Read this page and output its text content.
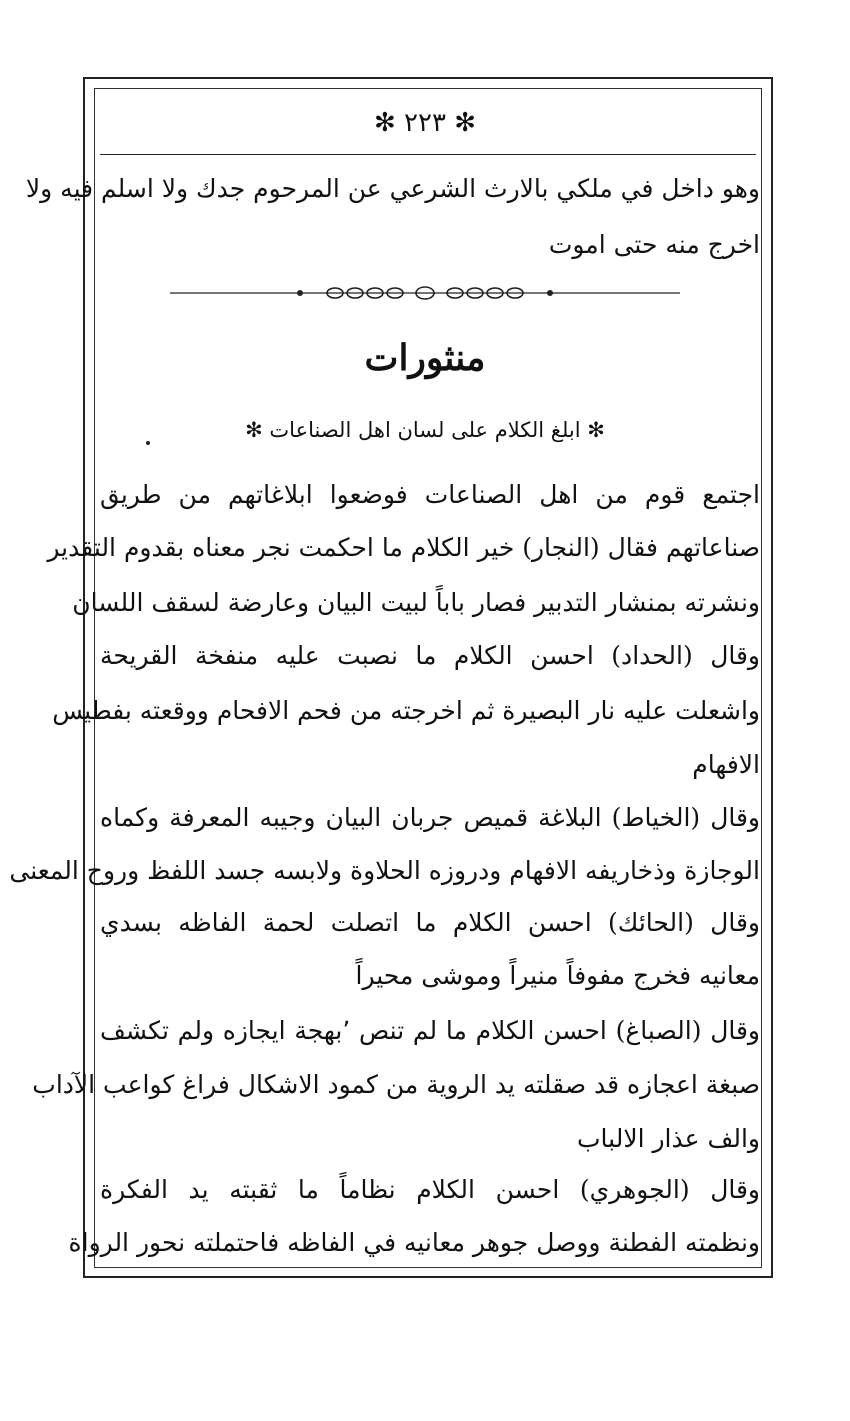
✻ ٢٢٣ ✻
وهو داخل في ملكي بالارث الشرعي عن المرحوم جدك ولا اسلم فيه ولا
اخرج منه حتى اموت
منثورات
✻ ابلغ الكلام على لسان اهل الصناعات ✻
اجتمع قوم من اهل الصناعات فوضعوا ابلاغاتهم من طريق
صناعاتهم فقال (النجار) خير الكلام ما احكمت نجر معناه بقدوم التقدير
ونشرته بمنشار التدبير فصار باباً لبيت البيان وعارضة لسقف اللسان
وقال (الحداد) احسن الكلام ما نصبت عليه منفخة القريحة
واشعلت عليه نار البصيرة ثم اخرجته من فحم الافحام ووقعته بفطيس
الافهام
وقال (الخياط) البلاغة قميص جربان البيان وجيبه المعرفة وكماه
الوجازة وذخاريفه الافهام ودروزه الحلاوة ولابسه جسد اللفظ وروح المعنى
وقال (الحائك) احسن الكلام ما اتصلت لحمة الفاظه بسدي
معانيه فخرج مفوفاً منيراً وموشى محيراً
وقال (الصباغ) احسن الكلام ما لم تنص ٬بهجة ايجازه ولم تكشف
صبغة اعجازه قد صقلته يد الروية من كمود الاشكال فراغ كواعب الآداب
والف عذار الالباب
وقال (الجوهري) احسن الكلام نظاماً ما ثقبته يد الفكرة
ونظمته الفطنة ووصل جوهر معانيه في الفاظه فاحتملته نحور الرواة
